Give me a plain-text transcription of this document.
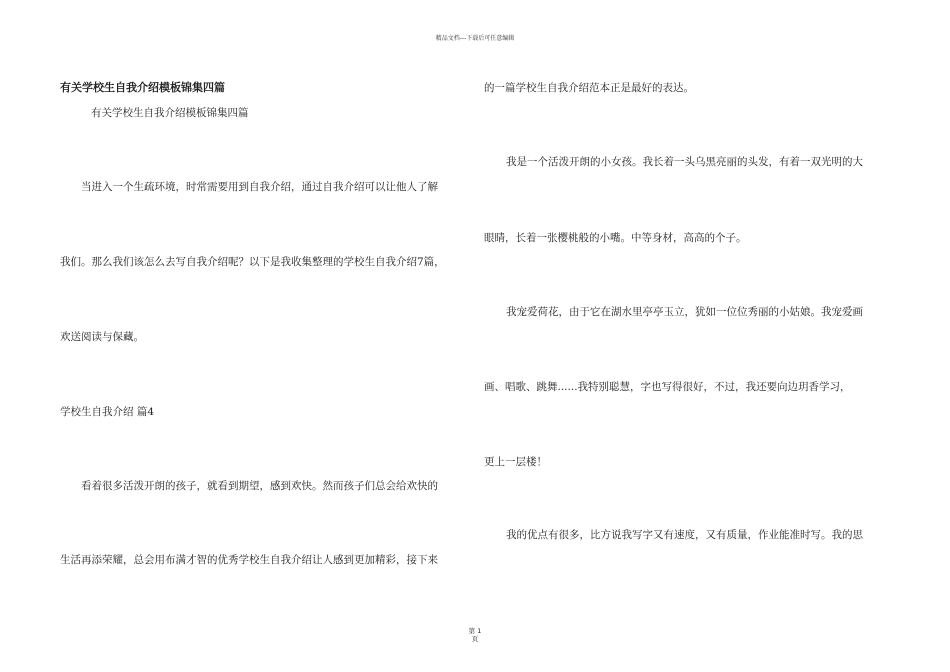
精品文档---下载后可任意编辑

有关学校生自我介绍模板锦集四篇

有关学校生自我介绍模板锦集四篇

当进入一个生疏环境，时常需要用到自我介绍，通过自我介绍可以让他人了解

我们。那么我们该怎么去写自我介绍呢？以下是我收集整理的学校生自我介绍7篇，

欢送阅读与保藏。

学校生自我介绍 篇4

看着很多活泼开朗的孩子，就看到期望，感到欢快。然而孩子们总会给欢快的

生活再添荣耀，总会用布满才智的优秀学校生自我介绍让人感到更加精彩，接下来

的一篇学校生自我介绍范本正是最好的表达。

我是一个活泼开朗的小女孩。我长着一头乌黑亮丽的头发，有着一双光明的大

眼睛，长着一张樱桃般的小嘴。中等身材，高高的个子。

我宠爱荷花，由于它在湖水里亭亭玉立，犹如一位位秀丽的小姑娘。我宠爱画

画、唱歌、跳舞......我特别聪慧，字也写得很好，不过，我还要向边玥香学习，

更上一层楼！

我的优点有很多，比方说我写字又有速度，又有质量，作业能准时写。我的思

第 1
页
